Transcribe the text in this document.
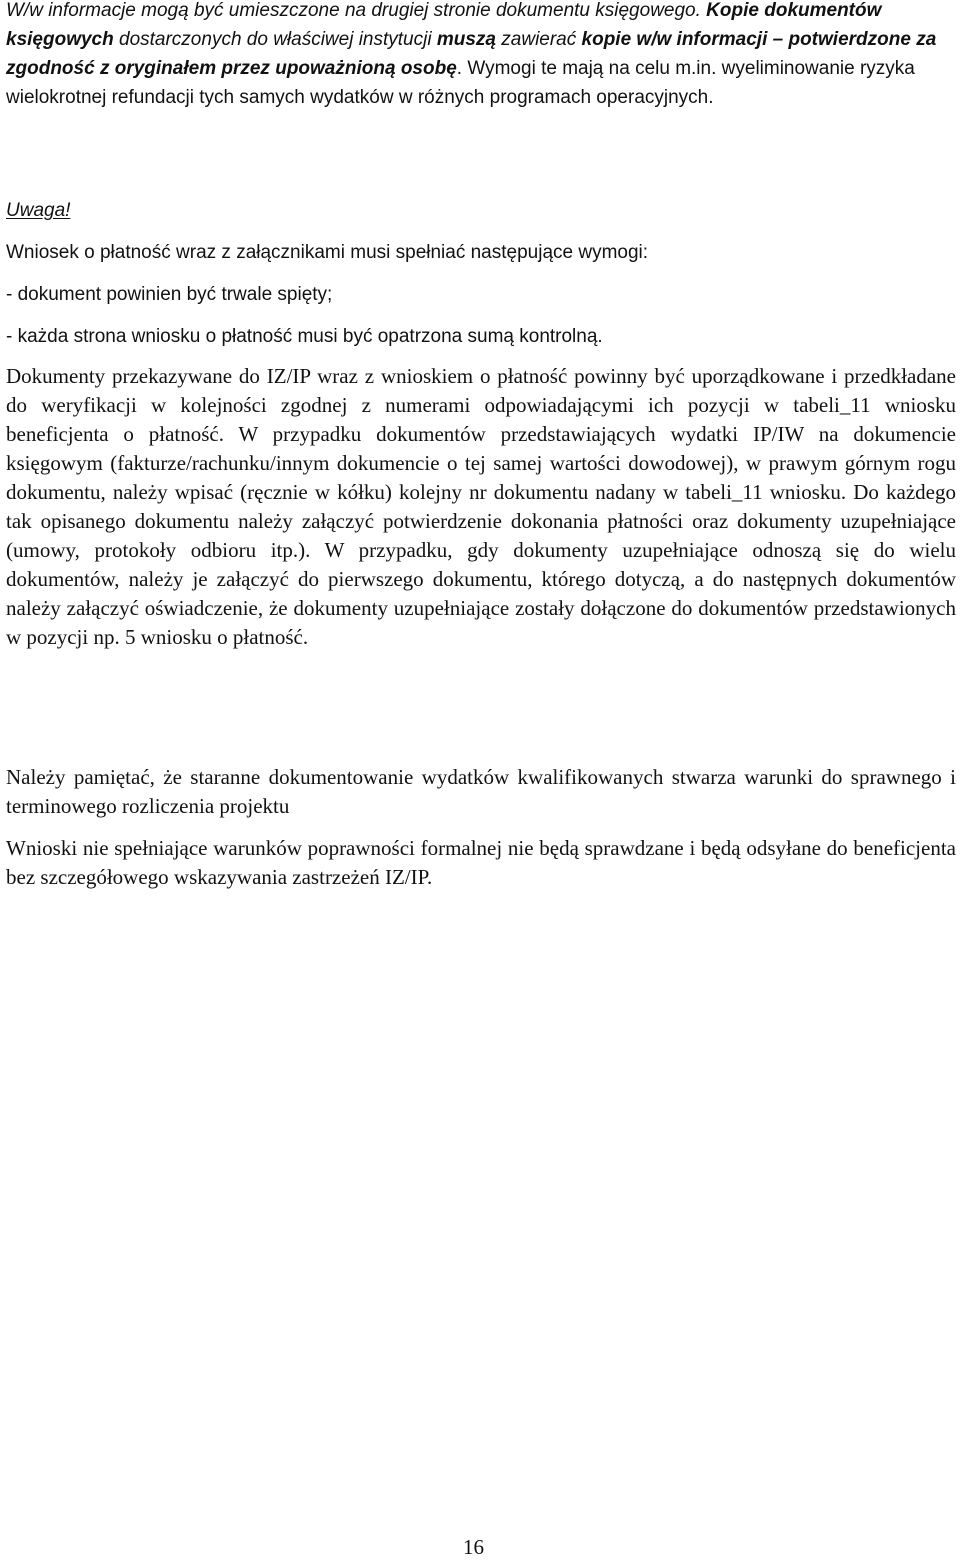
W/w informacje mogą być umieszczone na drugiej stronie dokumentu księgowego. Kopie dokumentów księgowych dostarczonych do właściwej instytucji muszą zawierać kopie w/w informacji – potwierdzone za zgodność z oryginałem przez upoważnioną osobę. Wymogi te mają na celu m.in. wyeliminowanie ryzyka wielokrotnej refundacji tych samych wydatków w różnych programach operacyjnych.

Uwaga!

Wniosek o płatność wraz z załącznikami musi spełniać następujące wymogi:

- dokument powinien być trwale spięty;

- każda strona wniosku o płatność musi być opatrzona sumą kontrolną.

Dokumenty przekazywane do IZ/IP wraz z wnioskiem o płatność powinny być uporządkowane i przedkładane do weryfikacji w kolejności zgodnej z numerami odpowiadającymi ich pozycji w tabeli_11 wniosku beneficjenta o płatność. W przypadku dokumentów przedstawiających wydatki IP/IW na dokumencie księgowym (fakturze/rachunku/innym dokumencie o tej samej wartości dowodowej), w prawym górnym rogu dokumentu, należy wpisać (ręcznie w kółku) kolejny nr dokumentu nadany w tabeli_11 wniosku. Do każdego tak opisanego dokumentu należy załączyć potwierdzenie dokonania płatności oraz dokumenty uzupełniające (umowy, protokoły odbioru itp.). W przypadku, gdy dokumenty uzupełniające odnoszą się do wielu dokumentów, należy je załączyć do pierwszego dokumentu, którego dotyczą, a do następnych dokumentów należy załączyć oświadczenie, że dokumenty uzupełniające zostały dołączone do dokumentów przedstawionych w pozycji np. 5 wniosku o płatność.

Należy pamiętać, że staranne dokumentowanie wydatków kwalifikowanych stwarza warunki do sprawnego i terminowego rozliczenia projektu

Wnioski nie spełniające warunków poprawności formalnej nie będą sprawdzane i będą odsyłane do beneficjenta bez szczegółowego wskazywania zastrzeżeń IZ/IP.

16
